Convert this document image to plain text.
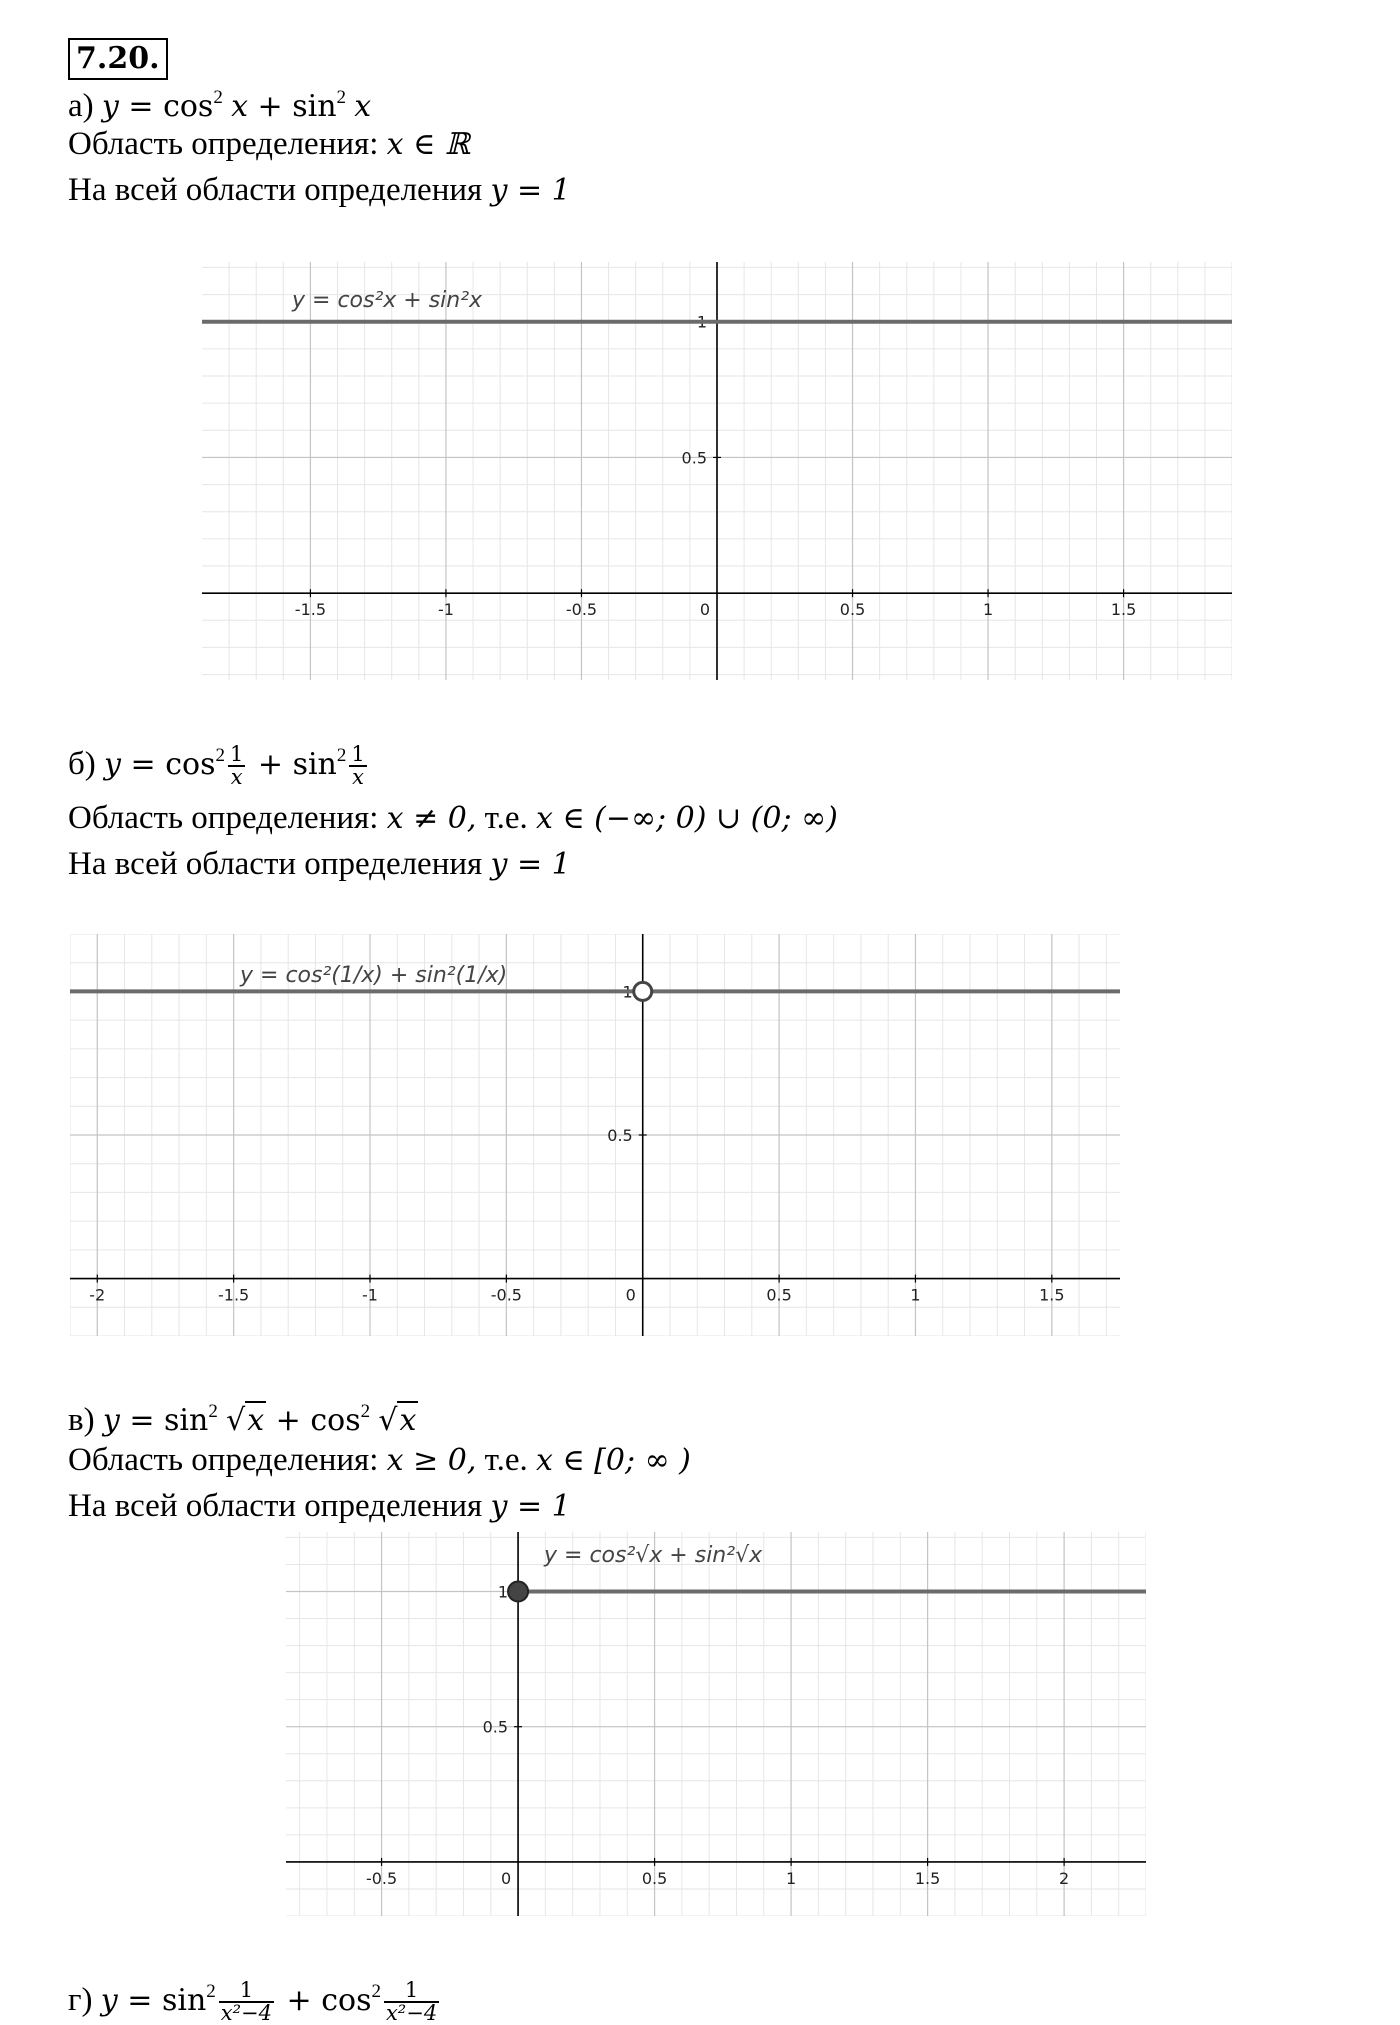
7.20.
а) $y = \cos^2 x + \sin^2 x$
Область определения: x ∈ ℝ
На всей области определения y = 1
-1.5	-1	-0.5	0	0.5	1	1.5
0.5
1
y = cos²x + sin²x
б) $y = \cos^2 \frac{1}{x} + \sin^2 \frac{1}{x}$
Область определения: x ≠ 0, т.е. x ∈ (−∞; 0) ∪ (0; ∞)
На всей области определения y = 1
-2	-1.5	-1	-0.5	0	0.5	1	1.5
0.5
1
y = cos²(1/x) + sin²(1/x)
в) $y = \sin^2 √x + \cos^2 √x$
Область определения: x ≥ 0, т.е. x ∈ [0; ∞ )
На всей области определения y = 1
-0.5	0	0.5	1	1.5	2
0.5
1
y = cos²√x + sin²√x
г) $y = \sin^2 \frac{1}{\text{x²−4}} + \cos^2 \frac{1}{\text{x²−4}}$
